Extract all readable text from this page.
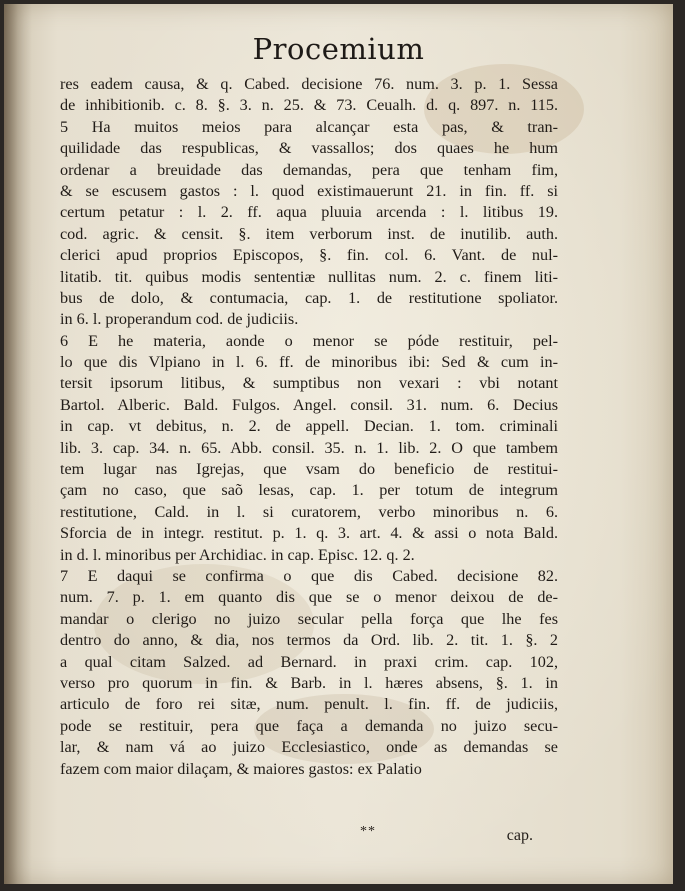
Procemium
res eadem causa, & q. Cabed. decisione 76. num. 3. p. 1. Sessa
de inhibitionib. c. 8. §. 3. n. 25. & 73. Ceualh. d. q. 897. n. 115.
5 Ha muitos meios para alcançar esta pas, & tran-
quilidade das respublicas, & vassallos; dos quaes he hum
ordenar a breuidade das demandas, pera que tenham fim,
& se escusem gastos : l. quod existimauerunt 21. in fin. ff. si
certum petatur : l. 2. ff. aqua pluuia arcenda : l. litibus 19.
cod. agric. & censit. §. item verborum inst. de inutilib. auth.
clerici apud proprios Episcopos, §. fin. col. 6. Vant. de nul-
litatib. tit. quibus modis sententiæ nullitas num. 2. c. finem liti-
bus de dolo, & contumacia, cap. 1. de restitutione spoliator.
in 6. l. properandum cod. de judiciis.
6 E he materia, aonde o menor se póde restituir, pel-
lo que dis Vlpiano in l. 6. ff. de minoribus ibi: Sed & cum in-
tersit ipsorum litibus, & sumptibus non vexari : vbi notant
Bartol. Alberic. Bald. Fulgos. Angel. consil. 31. num. 6. Decius
in cap. vt debitus, n. 2. de appell. Decian. 1. tom. criminali
lib. 3. cap. 34. n. 65. Abb. consil. 35. n. 1. lib. 2. O que tambem
tem lugar nas Igrejas, que vsam do beneficio de restitui-
çam no caso, que saõ lesas, cap. 1. per totum de integrum
restitutione, Cald. in l. si curatorem, verbo minoribus n. 6.
Sforcia de in integr. restitut. p. 1. q. 3. art. 4. & assi o nota Bald.
in d. l. minoribus per Archidiac. in cap. Episc. 12. q. 2.
7 E daqui se confirma o que dis Cabed. decisione 82.
num. 7. p. 1. em quanto dis que se o menor deixou de de-
mandar o clerigo no juizo secular pella força que lhe fes
dentro do anno, & dia, nos termos da Ord. lib. 2. tit. 1. §. 2
a qual citam Salzed. ad Bernard. in praxi crim. cap. 102,
verso pro quorum in fin. & Barb. in l. hæres absens, §. 1. in
articulo de foro rei sitæ, num. penult. l. fin. ff. de judiciis,
pode se restituir, pera que faça a demanda no juizo secu-
lar, & nam vá ao juizo Ecclesiastico, onde as demandas se
fazem com maior dilaçam, & maiores gastos: ex Palatio
**	cap.
